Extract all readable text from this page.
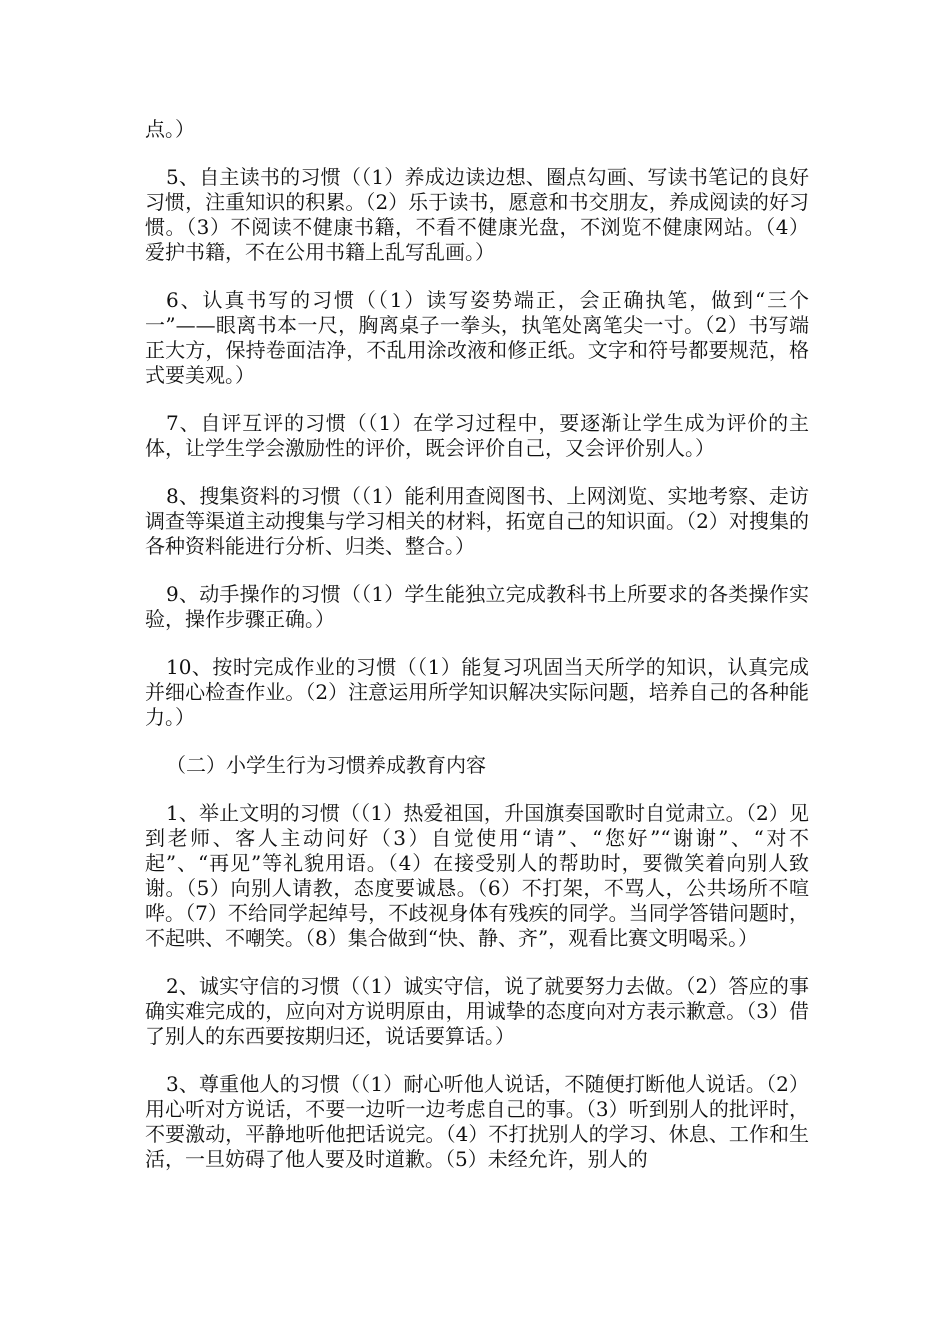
点。）

5、自主读书的习惯（（1）养成边读边想、圈点勾画、写读书笔记的良好习惯，注重知识的积累。（2）乐于读书，愿意和书交朋友，养成阅读的好习惯。（3）不阅读不健康书籍，不看不健康光盘，不浏览不健康网站。（4）爱护书籍，不在公用书籍上乱写乱画。）

6、认真书写的习惯（（1）读写姿势端正，会正确执笔，做到“三个一”——眼离书本一尺，胸离桌子一拳头，执笔处离笔尖一寸。（2）书写端正大方，保持卷面洁净，不乱用涂改液和修正纸。文字和符号都要规范，格式要美观。）

7、自评互评的习惯（（1）在学习过程中，要逐渐让学生成为评价的主体，让学生学会激励性的评价，既会评价自己，又会评价别人。）

8、搜集资料的习惯（（1）能利用查阅图书、上网浏览、实地考察、走访调查等渠道主动搜集与学习相关的材料，拓宽自己的知识面。（2）对搜集的各种资料能进行分析、归类、整合。）

9、动手操作的习惯（（1）学生能独立完成教科书上所要求的各类操作实验，操作步骤正确。）

10、按时完成作业的习惯（（1）能复习巩固当天所学的知识，认真完成并细心检查作业。（2）注意运用所学知识解决实际问题，培养自己的各种能力。）

（二）小学生行为习惯养成教育内容

1、举止文明的习惯（（1）热爱祖国，升国旗奏国歌时自觉肃立。（2）见到老师、客人主动问好（3）自觉使用“请”、“您好”“谢谢”、“对不起”、“再见”等礼貌用语。（4）在接受别人的帮助时，要微笑着向别人致谢。（5）向别人请教，态度要诚恳。（6）不打架，不骂人，公共场所不喧哗。（7）不给同学起绰号，不歧视身体有残疾的同学。当同学答错问题时，不起哄、不嘲笑。（8）集合做到“快、静、齐”，观看比赛文明喝采。）

2、诚实守信的习惯（（1）诚实守信，说了就要努力去做。（2）答应的事确实难完成的，应向对方说明原由，用诚挚的态度向对方表示歉意。（3）借了别人的东西要按期归还，说话要算话。）

3、尊重他人的习惯（（1）耐心听他人说话，不随便打断他人说话。（2）用心听对方说话，不要一边听一边考虑自己的事。（3）听到别人的批评时，不要激动，平静地听他把话说完。（4）不打扰别人的学习、休息、工作和生活，一旦妨碍了他人要及时道歉。（5）未经允许，别人的
